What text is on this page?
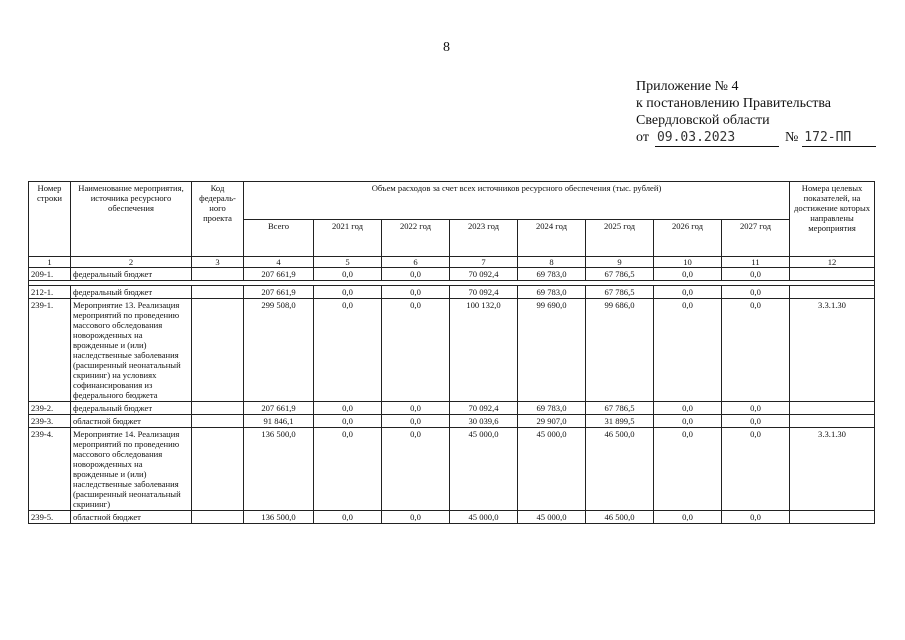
8
Приложение № 4
к постановлению Правительства
Свердловской области
от 09.03.2023	№ 172-ПП
Номер строки	Наименование мероприятия, источника ресурсного обеспечения	Код федераль-ного проекта	Объем расходов за счет всех источников ресурсного обеспечения (тыс. рублей)								Номера целевых показателей, на достижение которых направлены мероприятия
			Всего	2021 год	2022 год	2023 год	2024 год	2025 год	2026 год	2027 год	
1	2	3	4	5	6	7	8	9	10	11	12
209-1.	федеральный бюджет		207 661,9	0,0	0,0	70 092,4	69 783,0	67 786,5	0,0	0,0	

212-1.	федеральный бюджет		207 661,9	0,0	0,0	70 092,4	69 783,0	67 786,5	0,0	0,0	
239-1.	Мероприятие 13. Реализация мероприятий по проведению массового обследования новорожденных на врожденные и (или) наследственные заболевания (расширенный неонатальный скрининг) на условиях софинансирования из федерального бюджета		299 508,0	0,0	0,0	100 132,0	99 690,0	99 686,0	0,0	0,0	3.3.1.30
239-2.	федеральный бюджет		207 661,9	0,0	0,0	70 092,4	69 783,0	67 786,5	0,0	0,0	
239-3.	областной бюджет		91 846,1	0,0	0,0	30 039,6	29 907,0	31 899,5	0,0	0,0	
239-4.	Мероприятие 14. Реализация мероприятий по проведению массового обследования новорожденных на врожденные и (или) наследственные заболевания (расширенный неонатальный скрининг)		136 500,0	0,0	0,0	45 000,0	45 000,0	46 500,0	0,0	0,0	3.3.1.30
239-5.	областной бюджет		136 500,0	0,0	0,0	45 000,0	45 000,0	46 500,0	0,0	0,0	
